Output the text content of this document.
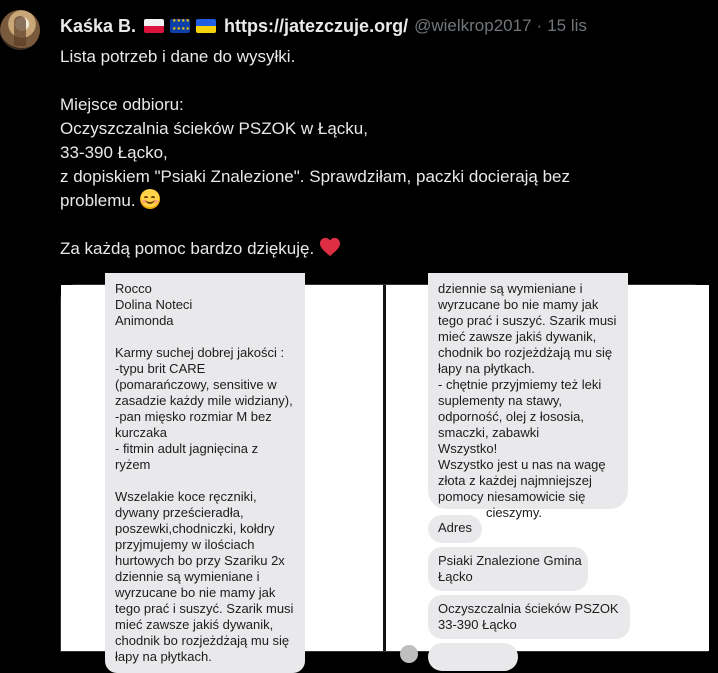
Kaśka B.
★★★★ ★★★★	https://jatezczuje.org/ @wielkrop2017 · 15 lis

Lista potrzeb i dane do wysyłki.

Miejsce odbioru:

Oczyszczalnia ścieków PSZOK w Łącku,

33-390 Łącko,

z dopiskiem "Psiaki Znalezione". Sprawdziłam, paczki docierają bez

problemu.

Za każdą pomoc bardzo dziękuję.

Rocco
Dolina Noteci
Animonda
Karmy suchej dobrej jakości :
-typu brit CARE
(pomarańczowy, sensitive w
zasadzie każdy mile widziany),
-pan mięsko rozmiar M bez
kurczaka
- fitmin adult jagnięcina z
ryżem
Wszelakie koce ręczniki,
dywany prześcieradła,
poszewki,chodniczki, kołdry
przyjmujemy w ilościach
hurtowych bo przy Szariku 2x
dziennie są wymieniane i
wyrzucane bo nie mamy jak
tego prać i suszyć. Szarik musi
mieć zawsze jakiś dywanik,
chodnik bo rozjeżdżają mu się
łapy na płytkach.
dziennie są wymieniane i
wyrzucane bo nie mamy jak
tego prać i suszyć. Szarik musi
mieć zawsze jakiś dywanik,
chodnik bo rozjeżdżają mu się
łapy na płytkach.
- chętnie przyjmiemy też leki
suplementy na stawy,
odporność, olej z łososia,
smaczki, zabawki
Wszystko!
Wszystko jest u nas na wagę
złota z każdej najmniejszej
pomocy niesamowicie się
cieszymy.
Adres
Psiaki Znalezione Gmina
Łącko
Oczyszczalnia ścieków PSZOK
33-390 Łącko
